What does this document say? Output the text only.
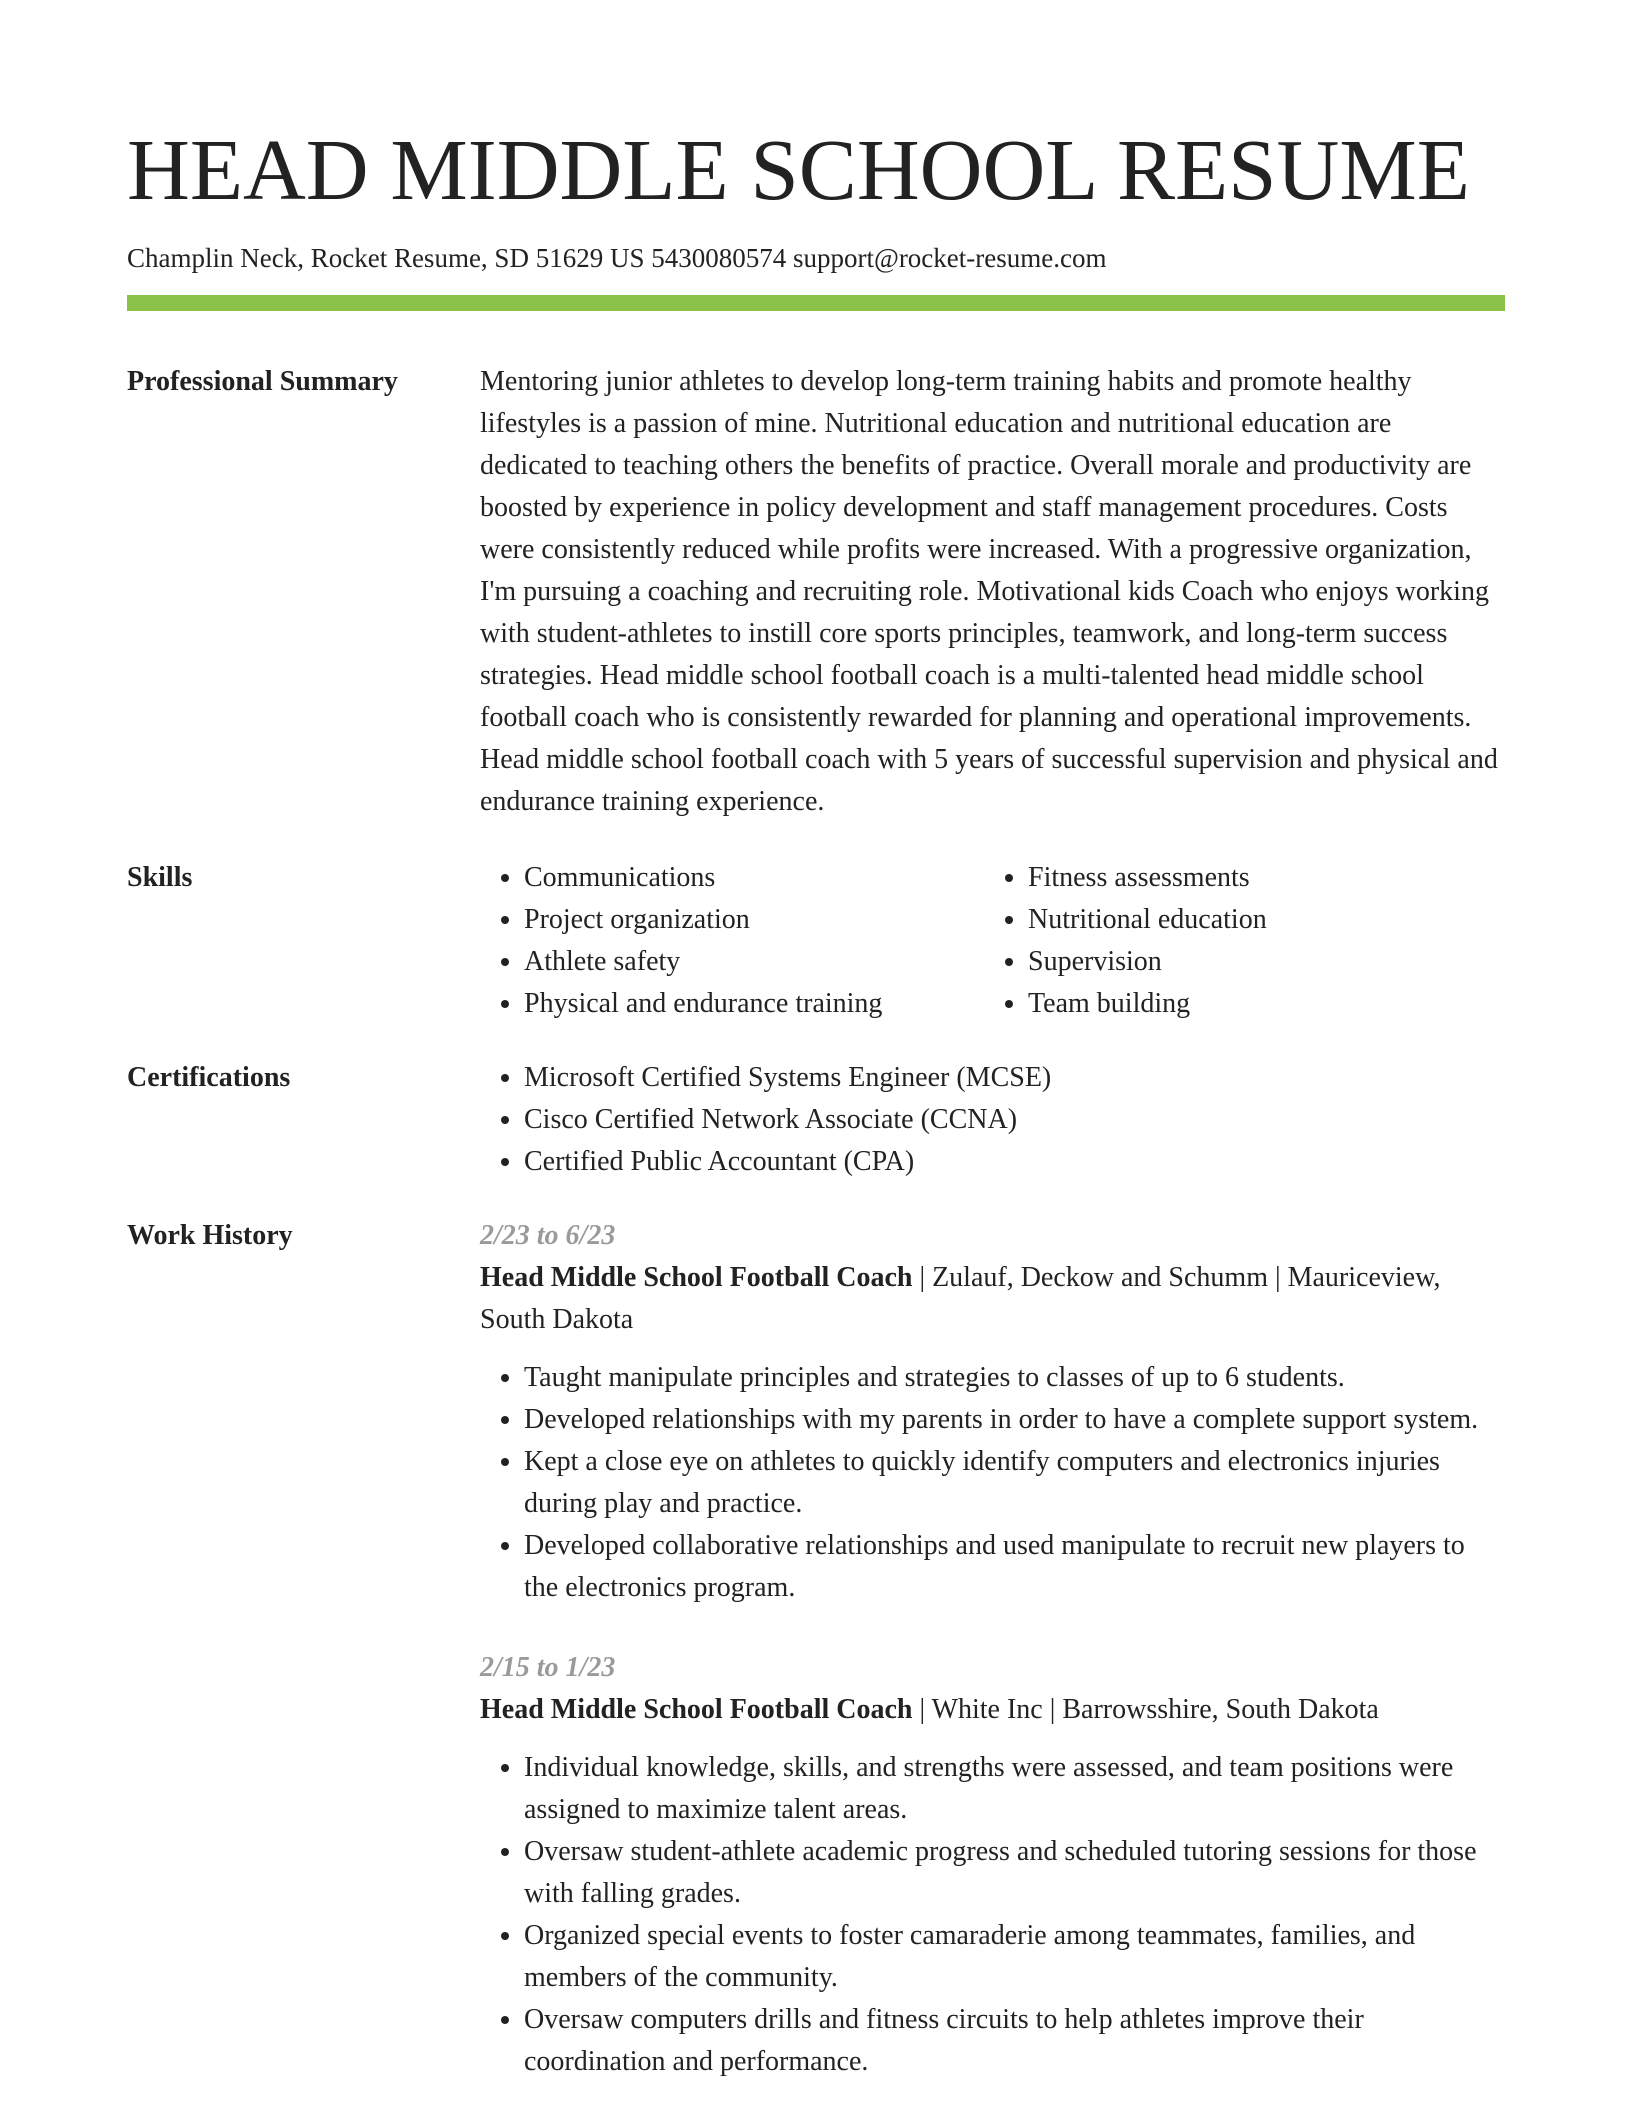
HEAD MIDDLE SCHOOL RESUME
Champlin Neck, Rocket Resume, SD 51629 US 5430080574 support@rocket-resume.com
Professional Summary	Mentoring junior athletes to develop long-term training habits and promote healthy lifestyles is a passion of mine. Nutritional education and nutritional education are dedicated to teaching others the benefits of practice. Overall morale and productivity are boosted by experience in policy development and staff management procedures. Costs were consistently reduced while profits were increased. With a progressive organization, I'm pursuing a coaching and recruiting role. Motivational kids Coach who enjoys working with student-athletes to instill core sports principles, teamwork, and long-term success strategies. Head middle school football coach is a multi-talented head middle school football coach who is consistently rewarded for planning and operational improvements. Head middle school football coach with 5 years of successful supervision and physical and endurance training experience.
Skills	• Communications
• Project organization
• Athlete safety
• Physical and endurance training
• Fitness assessments
• Nutritional education
• Supervision
• Team building
Certifications	• Microsoft Certified Systems Engineer (MCSE)
• Cisco Certified Network Associate (CCNA)
• Certified Public Accountant (CPA)
Work History	2/23 to 6/23
Head Middle School Football Coach | Zulauf, Deckow and Schumm | Mauriceview, South Dakota
• Taught manipulate principles and strategies to classes of up to 6 students.
• Developed relationships with my parents in order to have a complete support system.
• Kept a close eye on athletes to quickly identify computers and electronics injuries during play and practice.
• Developed collaborative relationships and used manipulate to recruit new players to the electronics program.
2/15 to 1/23
Head Middle School Football Coach | White Inc | Barrowsshire, South Dakota
• Individual knowledge, skills, and strengths were assessed, and team positions were assigned to maximize talent areas.
• Oversaw student-athlete academic progress and scheduled tutoring sessions for those with falling grades.
• Organized special events to foster camaraderie among teammates, families, and members of the community.
• Oversaw computers drills and fitness circuits to help athletes improve their coordination and performance.
